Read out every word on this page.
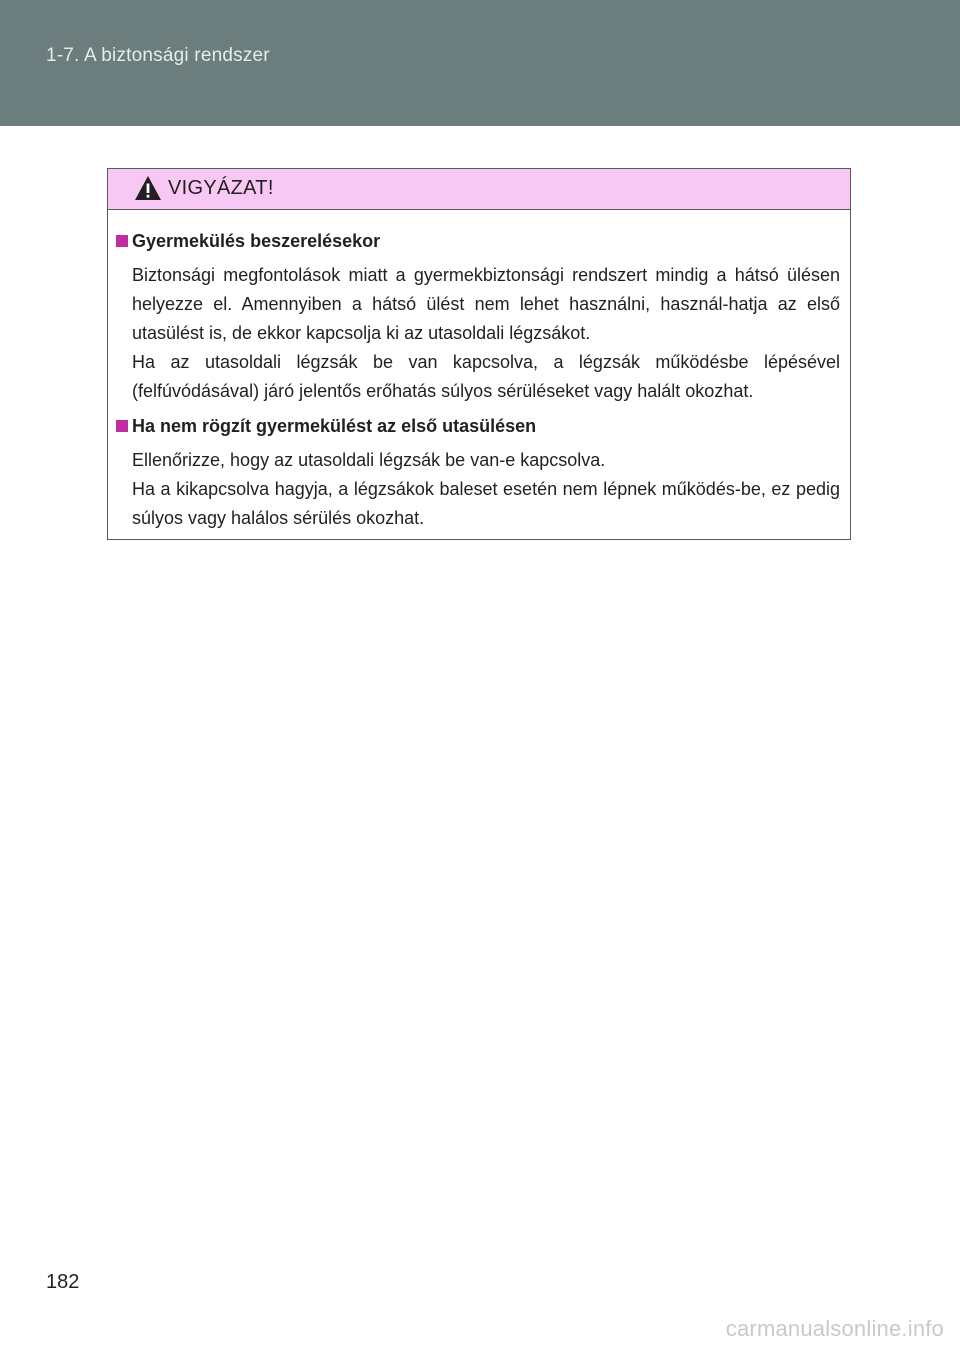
1-7. A biztonsági rendszer
VIGYÁZAT!
Gyermekülés beszerelésekor

Biztonsági megfontolások miatt a gyermekbiztonsági rendszert mindig a hátsó ülésen helyezze el. Amennyiben a hátsó ülést nem lehet használni, használ-hatja az első utasülést is, de ekkor kapcsolja ki az utasoldali légzsákot.

Ha az utasoldali légzsák be van kapcsolva, a légzsák működésbe lépésével (felfúvódásával) járó jelentős erőhatás súlyos sérüléseket vagy halált okozhat.

Ha nem rögzít gyermekülést az első utasülésen

Ellenőrizze, hogy az utasoldali légzsák be van-e kapcsolva.

Ha a kikapcsolva hagyja, a légzsákok baleset esetén nem lépnek működés-be, ez pedig súlyos vagy halálos sérülés okozhat.

182
carmanualsonline.info
